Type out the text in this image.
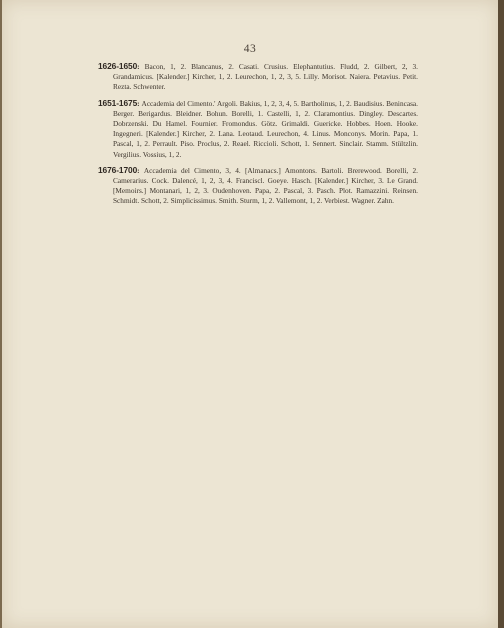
43

1626-1650: Bacon, 1, 2. Blancanus, 2. Casati. Crusius. Elephantutius. Fludd, 2. Gilbert, 2, 3. Grandamicus. [Kalender.] Kircher, 1, 2. Leurechon, 1, 2, 3, 5. Lilly. Morisot. Naiera. Petavius. Petit. Rezta. Schwenter.

1651-1675: Accademia del Cimento.' Argoli. Bakius, 1, 2, 3, 4, 5. Bartholinus, 1, 2. Baudisius. Benincasa. Berger. Berigardus. Bleidner. Bohun. Borelli, 1. Castelli, 1, 2. Claramontius. Dingley. Descartes. Dobrzenski. Du Hamel. Fournier. Fromondus. Götz. Grimaldi. Guericke. Hobbes. Hoen. Hooke. Ingegneri. [Kalender.] Kircher, 2. Lana. Leotaud. Leurechon, 4. Linus. Monconys. Morin. Papa, 1. Pascal, 1, 2. Perrault. Piso. Proclus, 2. Reael. Riccioli. Schott, 1. Sennert. Sinclair. Stamm. Stültzlin. Vergilius. Vossius, 1, 2.

1676-1700: Accademia del Cimento, 3, 4. [Almanacs.] Amontons. Bartoli. Brerewood. Borelli, 2. Camerarius. Cock. Dalencé, 1, 2, 3, 4. Franciscl. Goeye. Hasch. [Kalender.] Kircher, 3. Le Grand. [Memoirs.] Montanari, 1, 2, 3. Oudenhoven. Papa, 2. Pascal, 3. Pasch. Plot. Ramazzini. Reinsen. Schmidt. Schott, 2. Simplicissimus. Smith. Sturm, 1, 2. Vallemont, 1, 2. Verbiest. Wagner. Zahn.
